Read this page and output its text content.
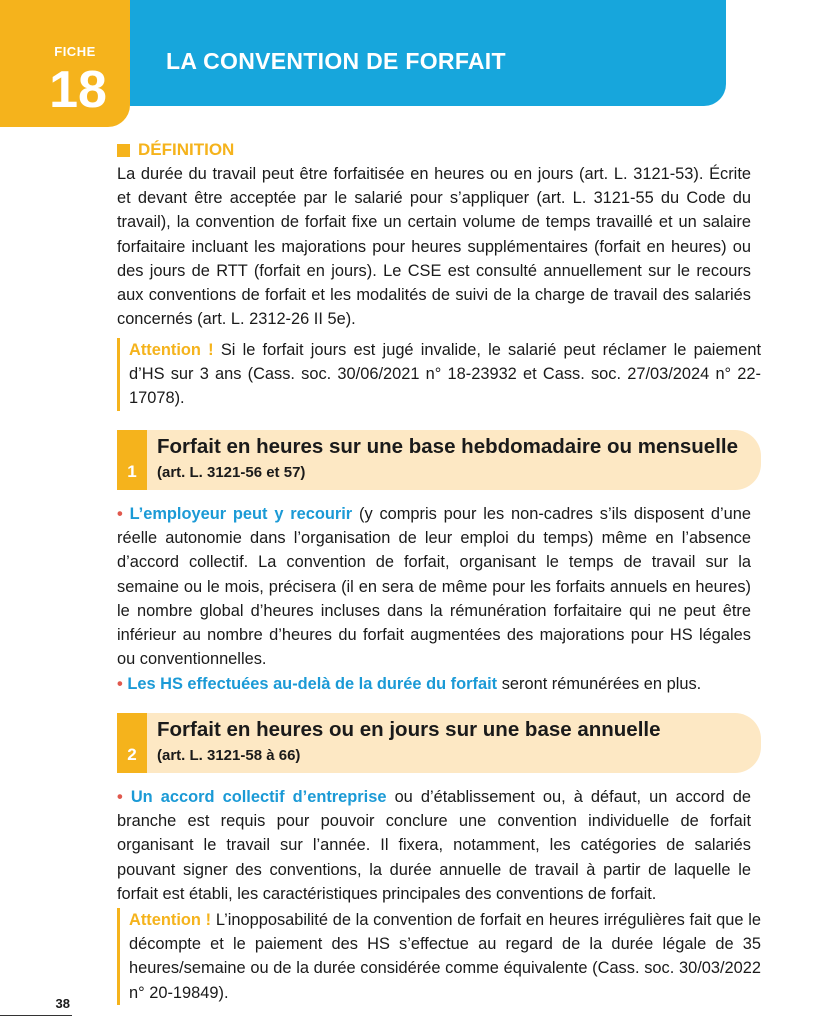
FICHE
18	LA CONVENTION DE FORFAIT
DÉFINITION

La durée du travail peut être forfaitisée en heures ou en jours (art. L. 3121-53). Écrite et devant être acceptée par le salarié pour s’appliquer (art. L. 3121-55 du Code du travail), la convention de forfait fixe un certain volume de temps travaillé et un salaire forfaitaire incluant les majorations pour heures supplémentaires (forfait en heures) ou des jours de RTT (forfait en jours). Le CSE est consulté annuellement sur le recours aux conventions de forfait et les modalités de suivi de la charge de travail des salariés concernés (art. L. 2312-26 II 5e).

Attention ! Si le forfait jours est jugé invalide, le salarié peut réclamer le paiement d’HS sur 3 ans (Cass. soc. 30/06/2021 n° 18-23932 et Cass. soc. 27/03/2024 n° 22-17078).

1
Forfait en heures sur une base hebdomadaire ou mensuelle
(art. L. 3121-56 et 57)

• L’employeur peut y recourir (y compris pour les non-cadres s’ils disposent d’une réelle autonomie dans l’organisation de leur emploi du temps) même en l’absence d’accord collectif. La convention de forfait, organisant le temps de travail sur la semaine ou le mois, précisera (il en sera de même pour les forfaits annuels en heures) le nombre global d’heures incluses dans la rémunération forfaitaire qui ne peut être inférieur au nombre d’heures du forfait augmentées des majorations pour HS légales ou conventionnelles.

• Les HS effectuées au-delà de la durée du forfait seront rémunérées en plus.

2
Forfait en heures ou en jours sur une base annuelle
(art. L. 3121-58 à 66)

• Un accord collectif d’entreprise ou d’établissement ou, à défaut, un accord de branche est requis pour pouvoir conclure une convention individuelle de forfait organisant le travail sur l’année. Il fixera, notamment, les catégories de salariés pouvant signer des conventions, la durée annuelle de travail à partir de laquelle le forfait est établi, les caractéristiques principales des conventions de forfait.

Attention ! L’inopposabilité de la convention de forfait en heures irrégulières fait que le décompte et le paiement des HS s’effectue au regard de la durée légale de 35 heures/semaine ou de la durée considérée comme équivalente (Cass. soc. 30/03/2022 n° 20-19849).

38
